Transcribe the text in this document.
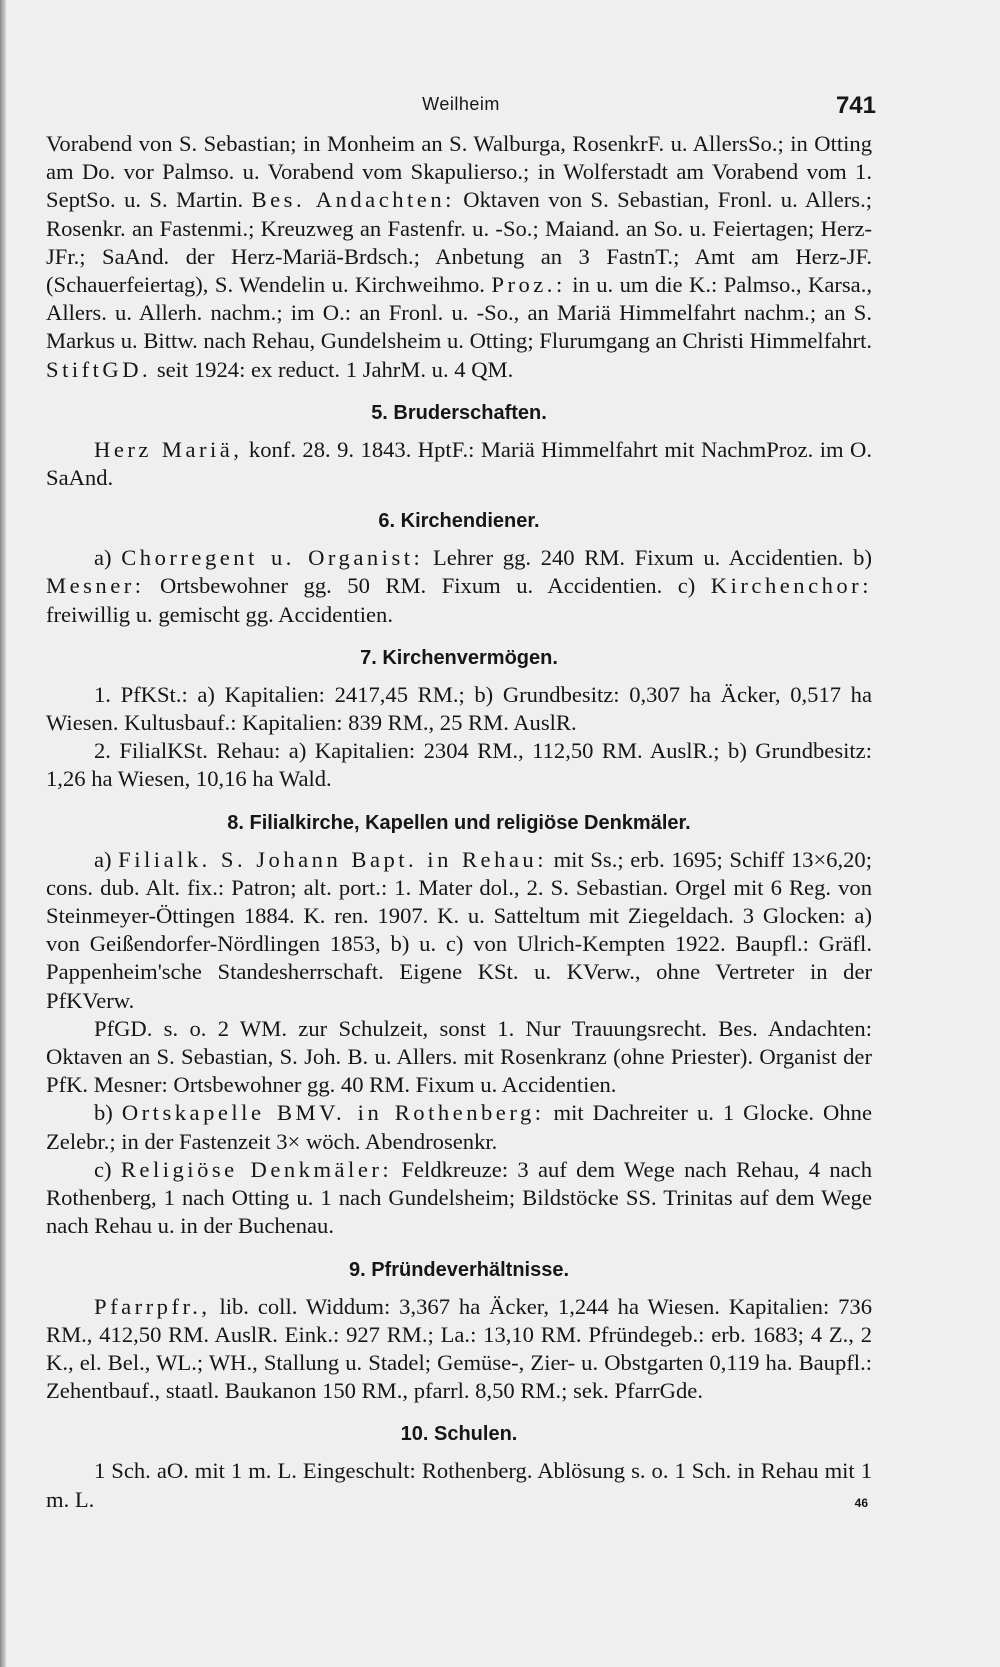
Weilheim	741

Vorabend von S. Sebastian; in Monheim an S. Walburga, RosenkrF. u. AllersSo.; in Otting am Do. vor Palmso. u. Vorabend vom Skapulierso.; in Wolferstadt am Vorabend vom 1. SeptSo. u. S. Martin. Bes. Andachten: Oktaven von S. Sebastian, Fronl. u. Allers.; Rosenkr. an Fastenmi.; Kreuzweg an Fastenfr. u. -So.; Maiand. an So. u. Feiertagen; Herz-JFr.; SaAnd. der Herz-Mariä-Brdsch.; Anbetung an 3 FastnT.; Amt am Herz-JF. (Schauerfeiertag), S. Wendelin u. Kirchweihmo. Proz.: in u. um die K.: Palmso., Karsa., Allers. u. Allerh. nachm.; im O.: an Fronl. u. -So., an Mariä Himmelfahrt nachm.; an S. Markus u. Bittw. nach Rehau, Gundelsheim u. Otting; Flurumgang an Christi Himmelfahrt. StiftGD. seit 1924: ex reduct. 1 JahrM. u. 4 QM.

5. Bruderschaften.

Herz Mariä, konf. 28. 9. 1843. HptF.: Mariä Himmelfahrt mit NachmProz. im O. SaAnd.

6. Kirchendiener.

a) Chorregent u. Organist: Lehrer gg. 240 RM. Fixum u. Accidentien. b) Mesner: Ortsbewohner gg. 50 RM. Fixum u. Accidentien. c) Kirchenchor: freiwillig u. gemischt gg. Accidentien.

7. Kirchenvermögen.

1. PfKSt.: a) Kapitalien: 2417,45 RM.; b) Grundbesitz: 0,307 ha Äcker, 0,517 ha Wiesen. Kultusbauf.: Kapitalien: 839 RM., 25 RM. AuslR.

2. FilialKSt. Rehau: a) Kapitalien: 2304 RM., 112,50 RM. AuslR.; b) Grundbesitz: 1,26 ha Wiesen, 10,16 ha Wald.

8. Filialkirche, Kapellen und religiöse Denkmäler.

a) Filialk. S. Johann Bapt. in Rehau: mit Ss.; erb. 1695; Schiff 13×6,20; cons. dub. Alt. fix.: Patron; alt. port.: 1. Mater dol., 2. S. Sebastian. Orgel mit 6 Reg. von Steinmeyer-Öttingen 1884. K. ren. 1907. K. u. Satteltum mit Ziegeldach. 3 Glocken: a) von Geißendorfer-Nördlingen 1853, b) u. c) von Ulrich-Kempten 1922. Baupfl.: Gräfl. Pappenheim'sche Standesherrschaft. Eigene KSt. u. KVerw., ohne Vertreter in der PfKVerw.

PfGD. s. o. 2 WM. zur Schulzeit, sonst 1. Nur Trauungsrecht. Bes. Andachten: Oktaven an S. Sebastian, S. Joh. B. u. Allers. mit Rosenkranz (ohne Priester). Organist der PfK. Mesner: Ortsbewohner gg. 40 RM. Fixum u. Accidentien.

b) Ortskapelle BMV. in Rothenberg: mit Dachreiter u. 1 Glocke. Ohne Zelebr.; in der Fastenzeit 3× wöch. Abendrosenkr.

c) Religiöse Denkmäler: Feldkreuze: 3 auf dem Wege nach Rehau, 4 nach Rothenberg, 1 nach Otting u. 1 nach Gundelsheim; Bildstöcke SS. Trinitas auf dem Wege nach Rehau u. in der Buchenau.

9. Pfründeverhältnisse.

Pfarrpfr., lib. coll. Widdum: 3,367 ha Äcker, 1,244 ha Wiesen. Kapitalien: 736 RM., 412,50 RM. AuslR. Eink.: 927 RM.; La.: 13,10 RM. Pfründegeb.: erb. 1683; 4 Z., 2 K., el. Bel., WL.; WH., Stallung u. Stadel; Gemüse-, Zier- u. Obstgarten 0,119 ha. Baupfl.: Zehentbauf., staatl. Baukanon 150 RM., pfarrl. 8,50 RM.; sek. PfarrGde.

10. Schulen.

1 Sch. aO. mit 1 m. L. Eingeschult: Rothenberg. Ablösung s. o. 1 Sch. in Rehau mit 1 m. L.	46
